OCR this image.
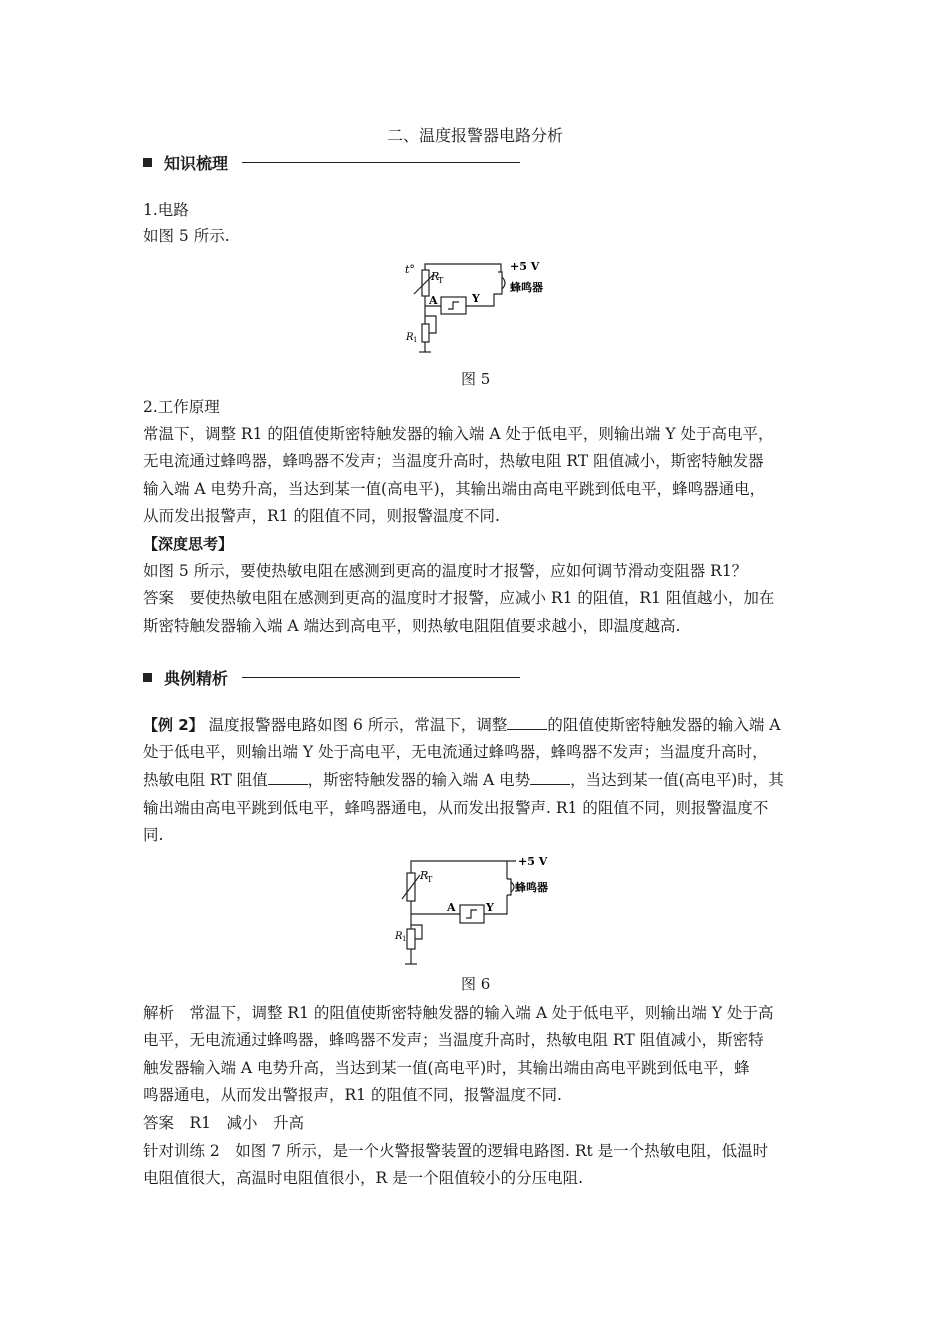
二、温度报警器电路分析
知识梳理
1.电路
如图 5 所示.
t°
R
T
A	Y
R 1
+5 V
蜂鸣器
图 5
2.工作原理
常温下，调整 R1 的阻值使斯密特触发器的输入端 A 处于低电平，则输出端 Y 处于高电平，
无电流通过蜂鸣器，蜂鸣器不发声；当温度升高时，热敏电阻 RT 阻值减小，斯密特触发器
输入端 A 电势升高，当达到某一值(高电平)，其输出端由高电平跳到低电平，蜂鸣器通电，
从而发出报警声，R1 的阻值不同，则报警温度不同.
【深度思考】
如图 5 所示，要使热敏电阻在感测到更高的温度时才报警，应如何调节滑动变阻器 R1？
答案　要使热敏电阻在感测到更高的温度时才报警，应减小 R1 的阻值，R1 阻值越小，加在
斯密特触发器输入端 A 端达到高电平，则热敏电阻阻值要求越小，即温度越高.
典例精析
【例 2】 温度报警器电路如图 6 所示，常温下，调整	的阻值使斯密特触发器的输入端 A
处于低电平，则输出端 Y 处于高电平，无电流通过蜂鸣器，蜂鸣器不发声；当温度升高时，
热敏电阻 RT 阻值	，斯密特触发器的输入端 A 电势	，当达到某一值(高电平)时，其
输出端由高电平跳到低电平，蜂鸣器通电，从而发出报警声. R1 的阻值不同，则报警温度不
同.
R
T
A	Y
R 1
+5 V
蜂鸣器
图 6
解析　常温下，调整 R1 的阻值使斯密特触发器的输入端 A 处于低电平，则输出端 Y 处于高
电平，无电流通过蜂鸣器，蜂鸣器不发声；当温度升高时，热敏电阻 RT 阻值减小，斯密特
触发器输入端 A 电势升高，当达到某一值(高电平)时，其输出端由高电平跳到低电平，蜂
鸣器通电，从而发出警报声，R1 的阻值不同，报警温度不同.
答案　R1　减小　升高
针对训练 2　如图 7 所示，是一个火警报警装置的逻辑电路图. Rt 是一个热敏电阻，低温时
电阻值很大，高温时电阻值很小，R 是一个阻值较小的分压电阻.
